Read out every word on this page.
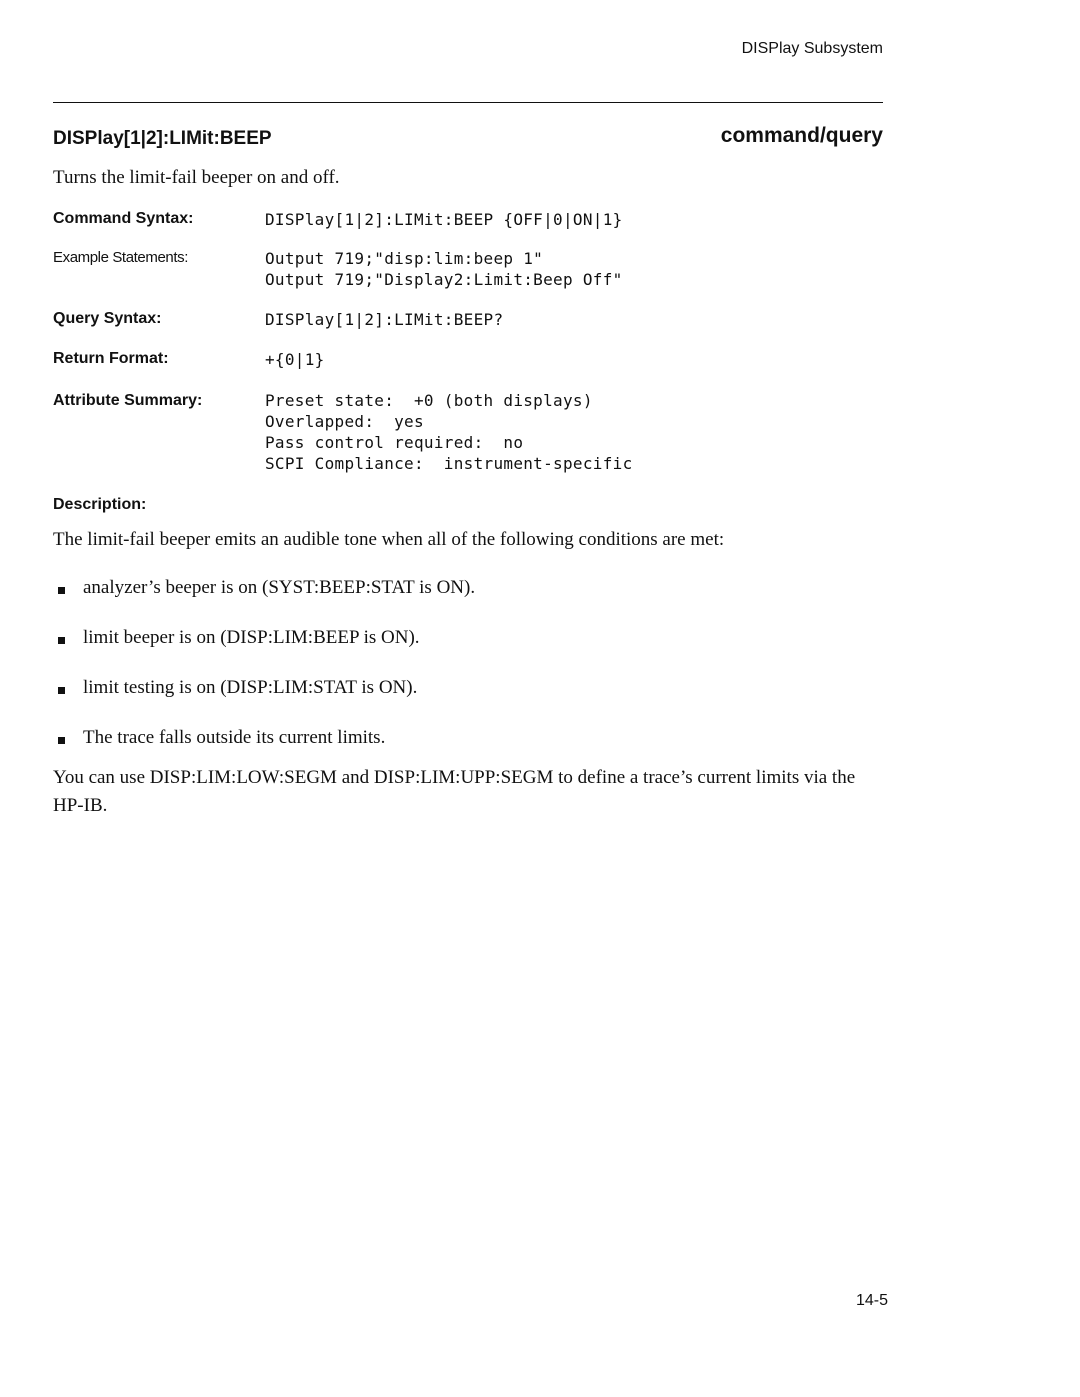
DISPlay Subsystem
DISPlay[1|2]:LIMit:BEEP	command/query
Turns the limit-fail beeper on and off.
Command Syntax:	DISPlay[1|2]:LIMit:BEEP {OFF|0|ON|1}
Example Statements:	Output 719;"disp:lim:beep 1"
Output 719;"Display2:Limit:Beep Off"
Query Syntax:	DISPlay[1|2]:LIMit:BEEP?
Return Format:	+{0|1}
Attribute Summary:	Preset state:  +0 (both displays)
Overlapped:  yes
Pass control required:  no
SCPI Compliance:  instrument-specific
Description:
The limit-fail beeper emits an audible tone when all of the following conditions are met:
analyzer’s beeper is on (SYST:BEEP:STAT is ON).
limit beeper is on (DISP:LIM:BEEP is ON).
limit testing is on (DISP:LIM:STAT is ON).
The trace falls outside its current limits.
You can use DISP:LIM:LOW:SEGM and DISP:LIM:UPP:SEGM to define a trace’s current limits via the HP-IB.
14-5
